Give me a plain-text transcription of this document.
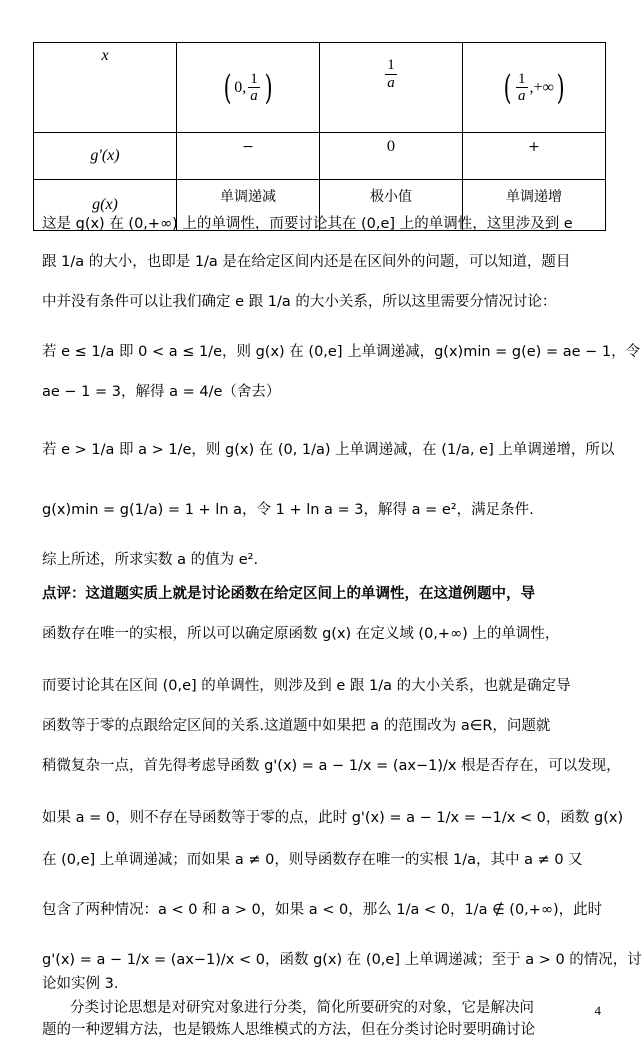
x	( 0, $\frac{1}{a}$ )	$\frac{1}{a}$	( $\frac{1}{a}$ ,+∞ )

g'(x)	−	0	+
g(x)	单调递减	极小值	单调递增
这是 g(x) 在 (0,+∞) 上的单调性，而要讨论其在 (0,e] 上的单调性，这里涉及到 e
跟 1/a 的大小，也即是 1/a 是在给定区间内还是在区间外的问题，可以知道，题目
中并没有条件可以让我们确定 e 跟 1/a 的大小关系，所以这里需要分情况讨论：
若 e ≤ 1/a 即 0 < a ≤ 1/e，则 g(x) 在 (0,e] 上单调递减，g(x)min = g(e) = ae − 1，令
ae − 1 = 3，解得 a = 4/e（舍去）
若 e > 1/a 即 a > 1/e，则 g(x) 在 (0, 1/a) 上单调递减，在 (1/a, e] 上单调递增，所以
g(x)min = g(1/a) = 1 + ln a，令 1 + ln a = 3，解得 a = e²，满足条件.
综上所述，所求实数 a 的值为 e².
点评：这道题实质上就是讨论函数在给定区间上的单调性，在这道例题中，导
函数存在唯一的实根，所以可以确定原函数 g(x) 在定义域 (0,+∞) 上的单调性，
而要讨论其在区间 (0,e] 的单调性，则涉及到 e 跟 1/a 的大小关系，也就是确定导
函数等于零的点跟给定区间的关系.这道题中如果把 a 的范围改为 a∈R，问题就
稍微复杂一点，首先得考虑导函数 g'(x) = a − 1/x = (ax−1)/x 根是否存在，可以发现，
如果 a = 0，则不存在导函数等于零的点，此时 g'(x) = a − 1/x = −1/x < 0，函数 g(x)
在 (0,e] 上单调递减；而如果 a ≠ 0，则导函数存在唯一的实根 1/a，其中 a ≠ 0 又
包含了两种情况：a < 0 和 a > 0，如果 a < 0，那么 1/a < 0，1/a ∉ (0,+∞)，此时
g'(x) = a − 1/x = (ax−1)/x < 0，函数 g(x) 在 (0,e] 上单调递减；至于 a > 0 的情况，讨
论如实例 3.
分类讨论思想是对研究对象进行分类，简化所要研究的对象，它是解决问
题的一种逻辑方法，也是锻炼人思维模式的方法，但在分类讨论时要明确讨论
4
